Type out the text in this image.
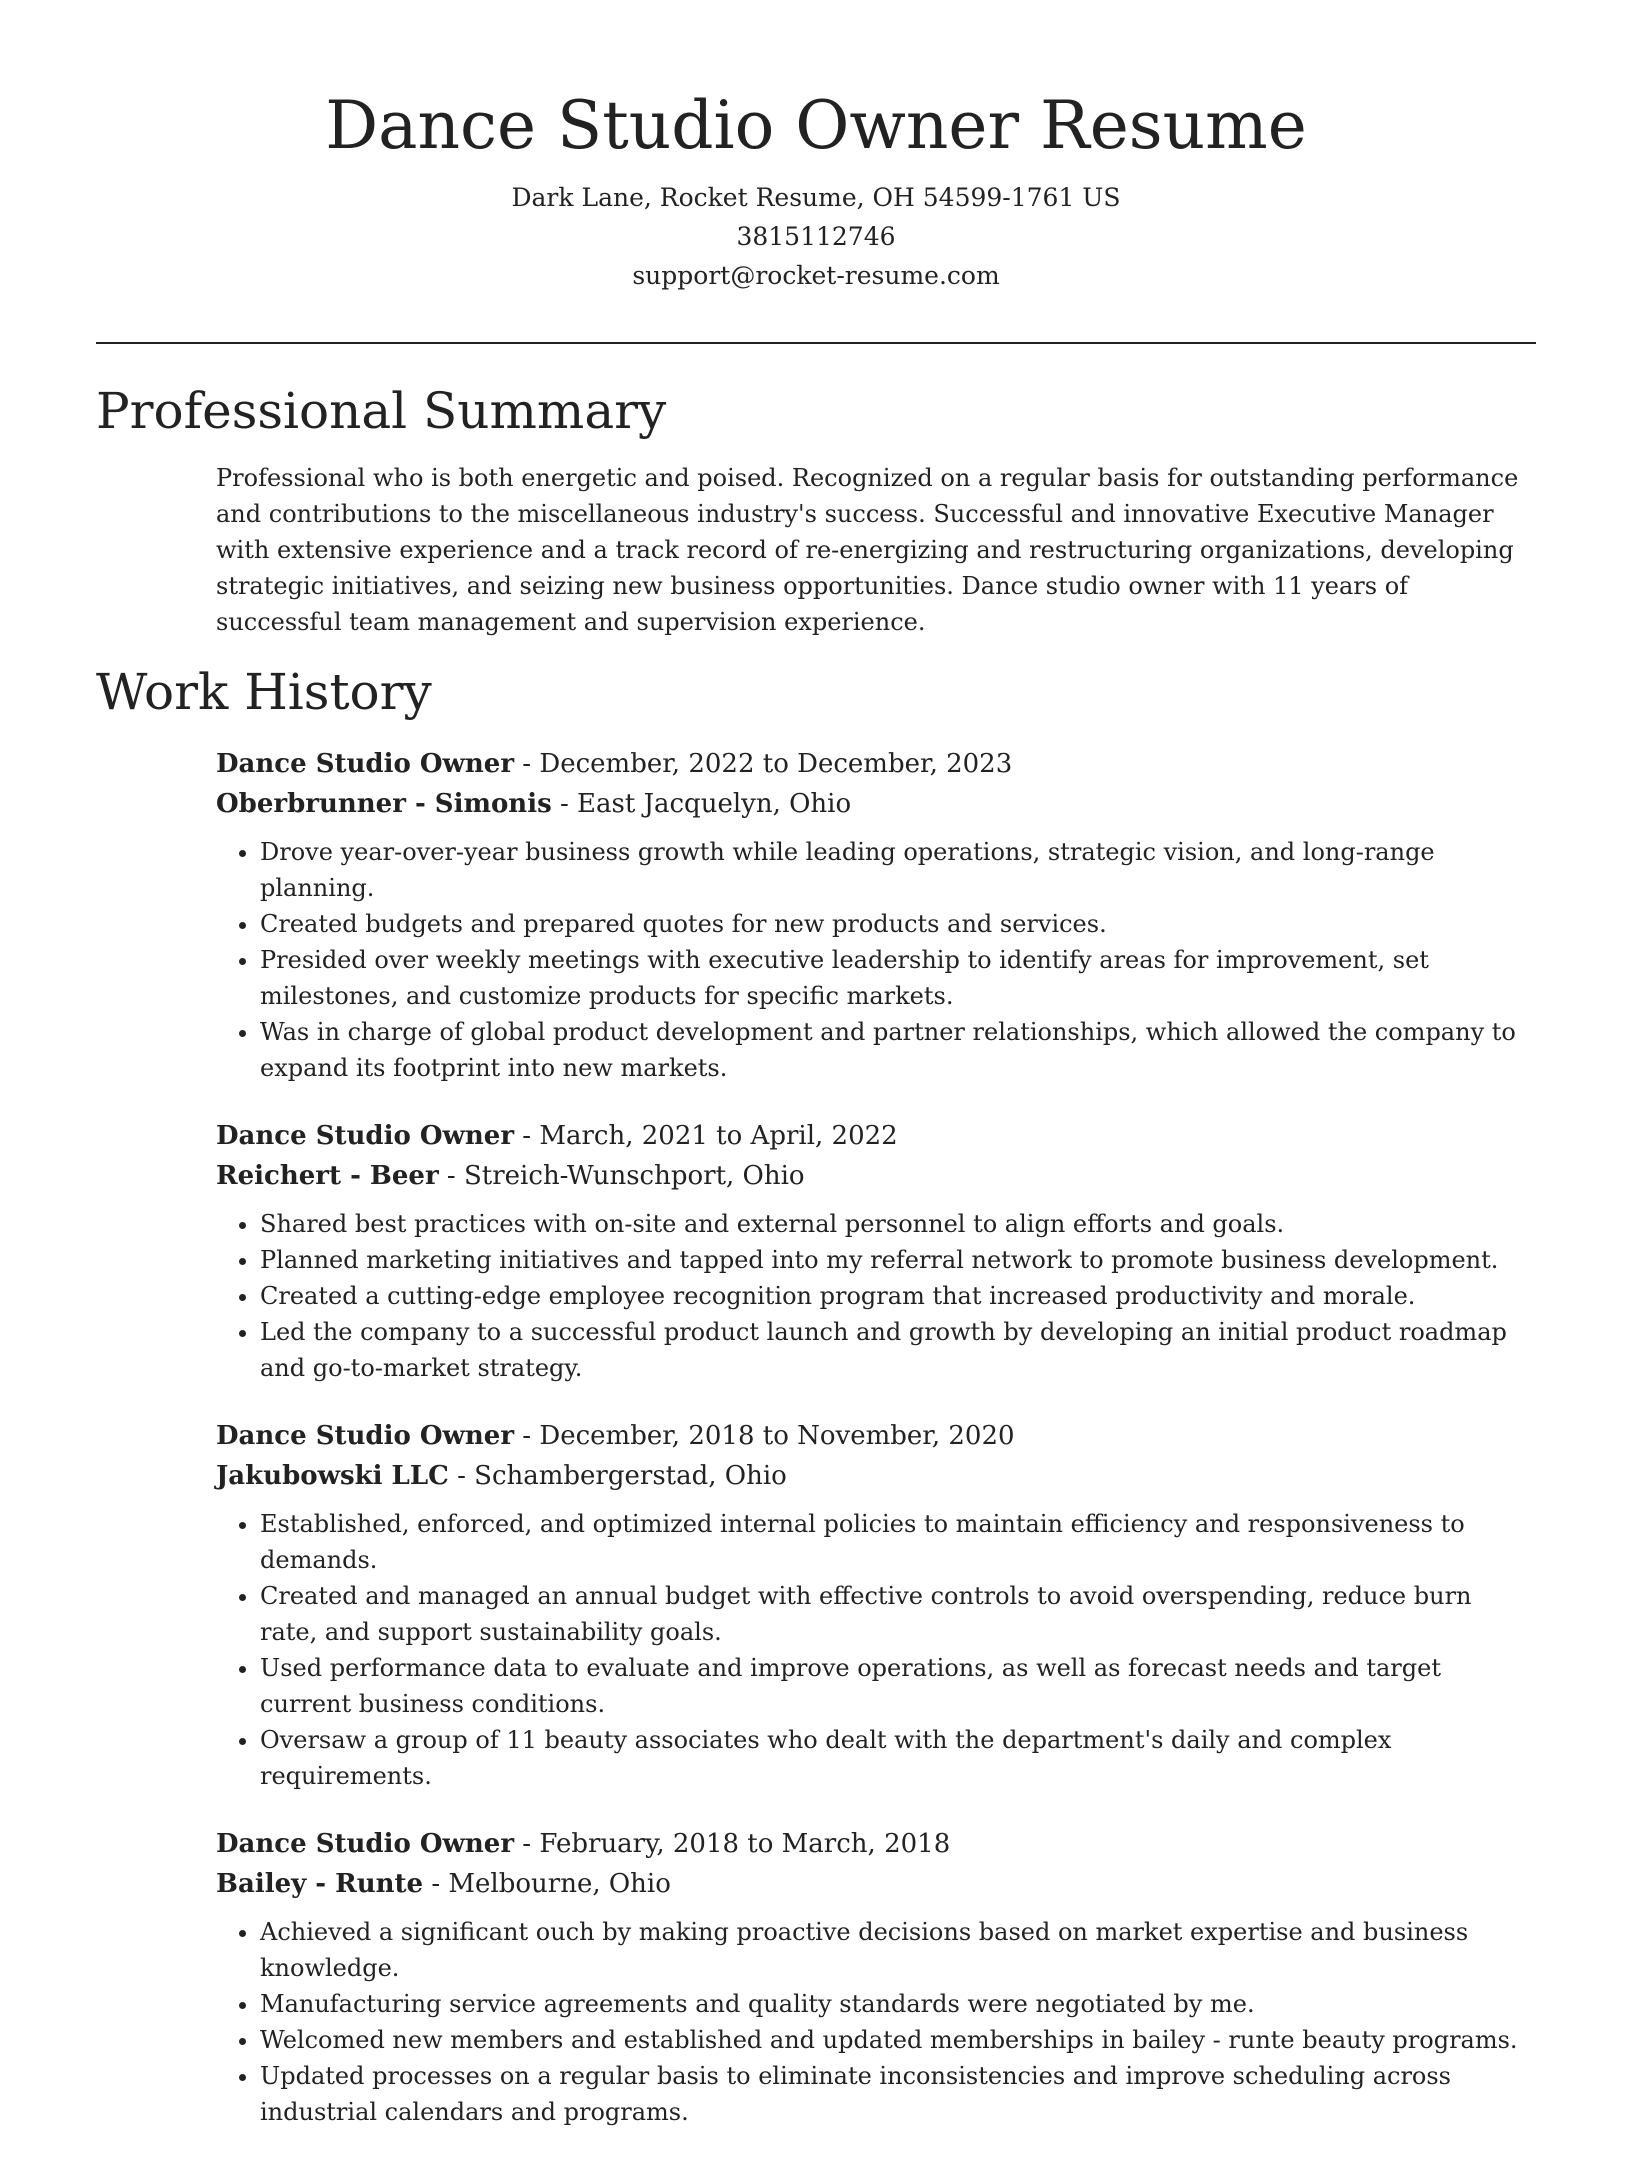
Dance Studio Owner Resume
Dark Lane, Rocket Resume, OH 54599-1761 US
3815112746
support@rocket-resume.com
Professional Summary

Professional who is both energetic and poised. Recognized on a regular basis for outstanding performance and contributions to the miscellaneous industry's success. Successful and innovative Executive Manager with extensive experience and a track record of re-energizing and restructuring organizations, developing strategic initiatives, and seizing new business opportunities. Dance studio owner with 11 years of successful team management and supervision experience.

Work History
Dance Studio Owner - December, 2022 to December, 2023
Oberbrunner - Simonis - East Jacquelyn, Ohio
• Drove year-over-year business growth while leading operations, strategic vision, and long-range planning.
• Created budgets and prepared quotes for new products and services.
• Presided over weekly meetings with executive leadership to identify areas for improvement, set milestones, and customize products for specific markets.
• Was in charge of global product development and partner relationships, which allowed the company to expand its footprint into new markets.
Dance Studio Owner - March, 2021 to April, 2022
Reichert - Beer - Streich-Wunschport, Ohio
• Shared best practices with on-site and external personnel to align efforts and goals.
• Planned marketing initiatives and tapped into my referral network to promote business development.
• Created a cutting-edge employee recognition program that increased productivity and morale.
• Led the company to a successful product launch and growth by developing an initial product roadmap and go-to-market strategy.
Dance Studio Owner - December, 2018 to November, 2020
Jakubowski LLC - Schambergerstad, Ohio
• Established, enforced, and optimized internal policies to maintain efficiency and responsiveness to demands.
• Created and managed an annual budget with effective controls to avoid overspending, reduce burn rate, and support sustainability goals.
• Used performance data to evaluate and improve operations, as well as forecast needs and target current business conditions.
• Oversaw a group of 11 beauty associates who dealt with the department's daily and complex requirements.
Dance Studio Owner - February, 2018 to March, 2018
Bailey - Runte - Melbourne, Ohio
• Achieved a significant ouch by making proactive decisions based on market expertise and business knowledge.
• Manufacturing service agreements and quality standards were negotiated by me.
• Welcomed new members and established and updated memberships in bailey - runte beauty programs.
• Updated processes on a regular basis to eliminate inconsistencies and improve scheduling across industrial calendars and programs.
